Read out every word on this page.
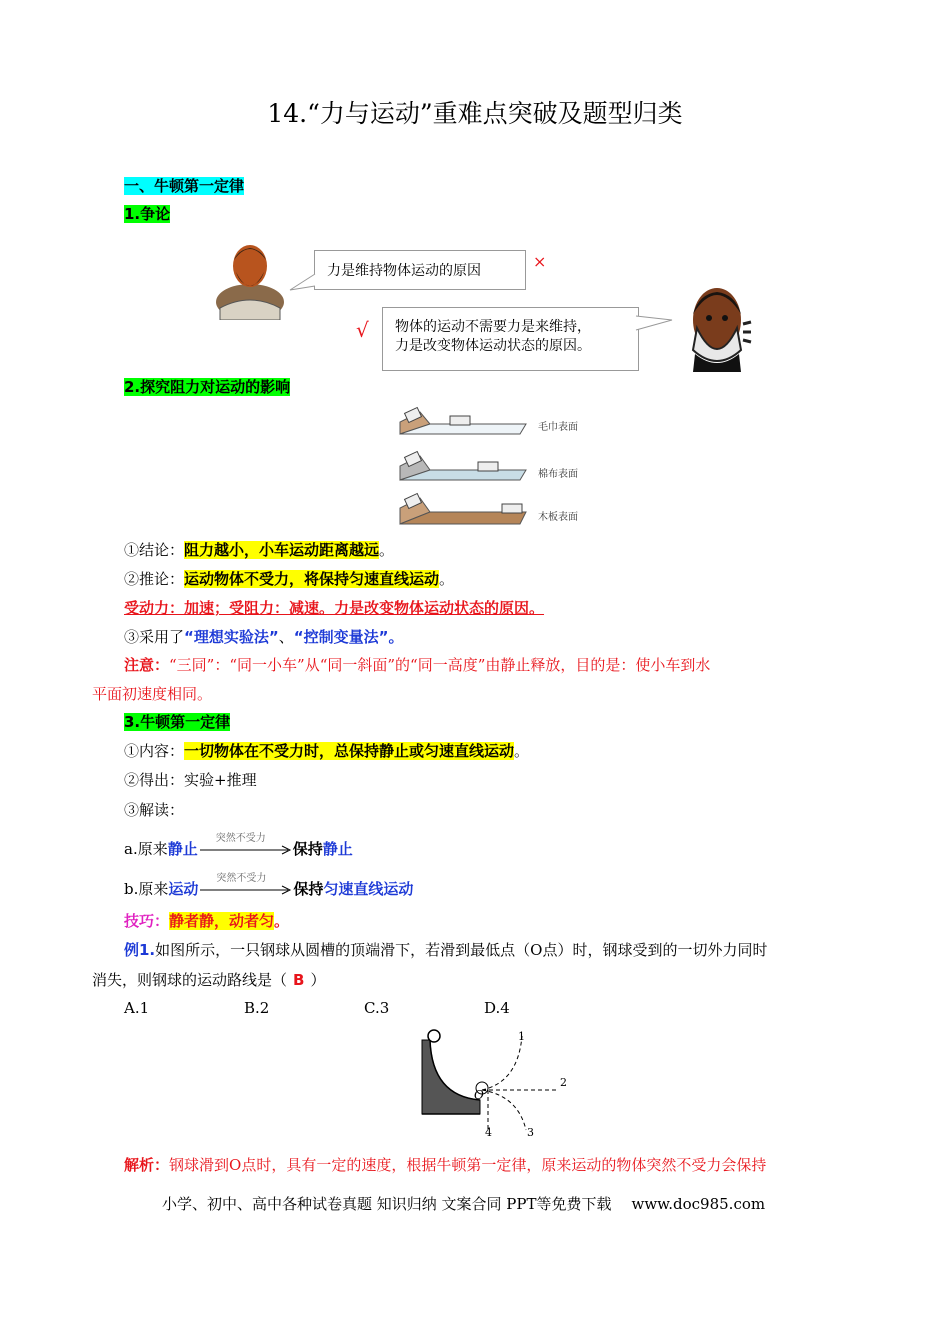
14.“力与运动”重难点突破及题型归类
一、牛顿第一定律
1.争论
力是维持物体运动的原因	×
√ 物体的运动不需要力是来维持，
力是改变物体运动状态的原因。
2.探究阻力对运动的影响
毛巾表面
棉布表面
木板表面
①结论：阻力越小，小车运动距离越远。
②推论：运动物体不受力，将保持匀速直线运动。
受动力：加速；受阻力：减速。力是改变物体运动状态的原因。
③采用了“理想实验法”、“控制变量法”。
注意：“三同”：“同一小车”从“同一斜面”的“同一高度”由静止释放，目的是：使小车到水
平面初速度相同。
3.牛顿第一定律
①内容：一切物体在不受力时，总保持静止或匀速直线运动。
②得出：实验+推理
③解读：
a.原来静止
突然不受力
保持静止
b.原来运动
突然不受力
保持匀速直线运动
技巧：静者静，动者匀。
例1.如图所示，一只钢球从圆槽的顶端滑下，若滑到最低点（O点）时，钢球受到的一切外力同时
消失，则钢球的运动路线是（ B ）
A.1	B.2	C.3	D.4
1
2
3
4
O
解析：钢球滑到O点时，具有一定的速度，根据牛顿第一定律，原来运动的物体突然不受力会保持
小学、初中、高中各种试卷真题 知识归纳 文案合同 PPT等免费下载 www.doc985.com
